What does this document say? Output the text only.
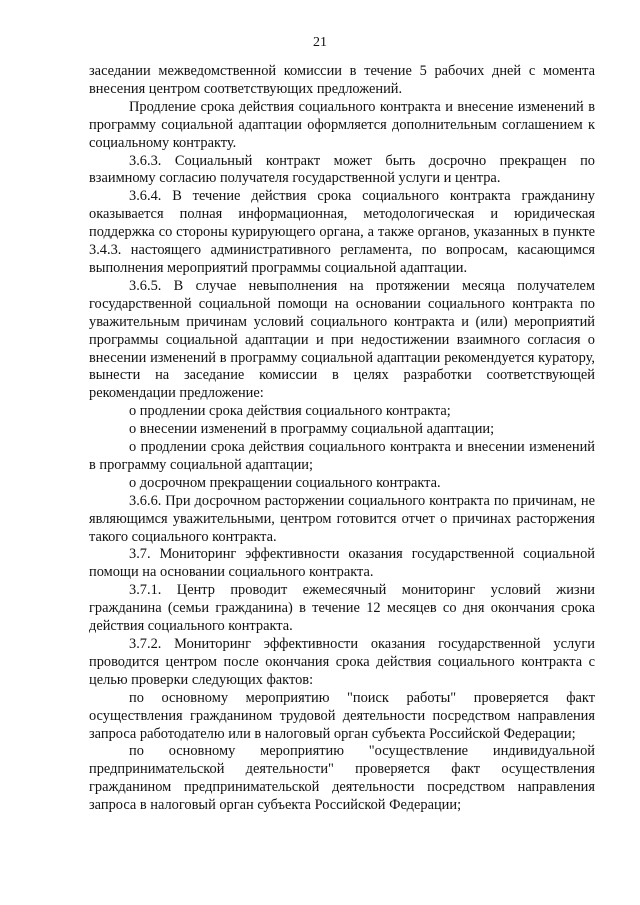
21

заседании межведомственной комиссии в течение 5 рабочих дней с момента внесения центром соответствующих предложений.

Продление срока действия социального контракта и внесение изменений в программу социальной адаптации оформляется дополнительным соглашением к социальному контракту.

3.6.3. Социальный контракт может быть досрочно прекращен по взаимному согласию получателя государственной услуги и центра.

3.6.4. В течение действия срока социального контракта гражданину оказывается полная информационная, методологическая и юридическая поддержка со стороны курирующего органа, а также органов, указанных в пункте 3.4.3. настоящего административного регламента, по вопросам, касающимся выполнения мероприятий программы социальной адаптации.

3.6.5. В случае невыполнения на протяжении месяца получателем государственной социальной помощи на основании социального контракта по уважительным причинам условий социального контракта и (или) мероприятий программы социальной адаптации и при недостижении взаимного согласия о внесении изменений в программу социальной адаптации рекомендуется куратору, вынести на заседание комиссии в целях разработки соответствующей рекомендации предложение:

о продлении срока действия социального контракта;

о внесении изменений в программу социальной адаптации;

о продлении срока действия социального контракта и внесении изменений в программу социальной адаптации;

о досрочном прекращении социального контракта.

3.6.6. При досрочном расторжении социального контракта по причинам, не являющимся уважительными, центром готовится отчет о причинах расторжения такого социального контракта.

3.7. Мониторинг эффективности оказания государственной социальной помощи на основании социального контракта.

3.7.1. Центр проводит ежемесячный мониторинг условий жизни гражданина (семьи гражданина) в течение 12 месяцев со дня окончания срока действия социального контракта.

3.7.2. Мониторинг эффективности оказания государственной услуги проводится центром после окончания срока действия социального контракта с целью проверки следующих фактов:

по основному мероприятию "поиск работы" проверяется факт осуществления гражданином трудовой деятельности посредством направления запроса работодателю или в налоговый орган субъекта Российской Федерации;

по основному мероприятию "осуществление индивидуальной предпринимательской деятельности" проверяется факт осуществления гражданином предпринимательской деятельности посредством направления запроса в налоговый орган субъекта Российской Федерации;
